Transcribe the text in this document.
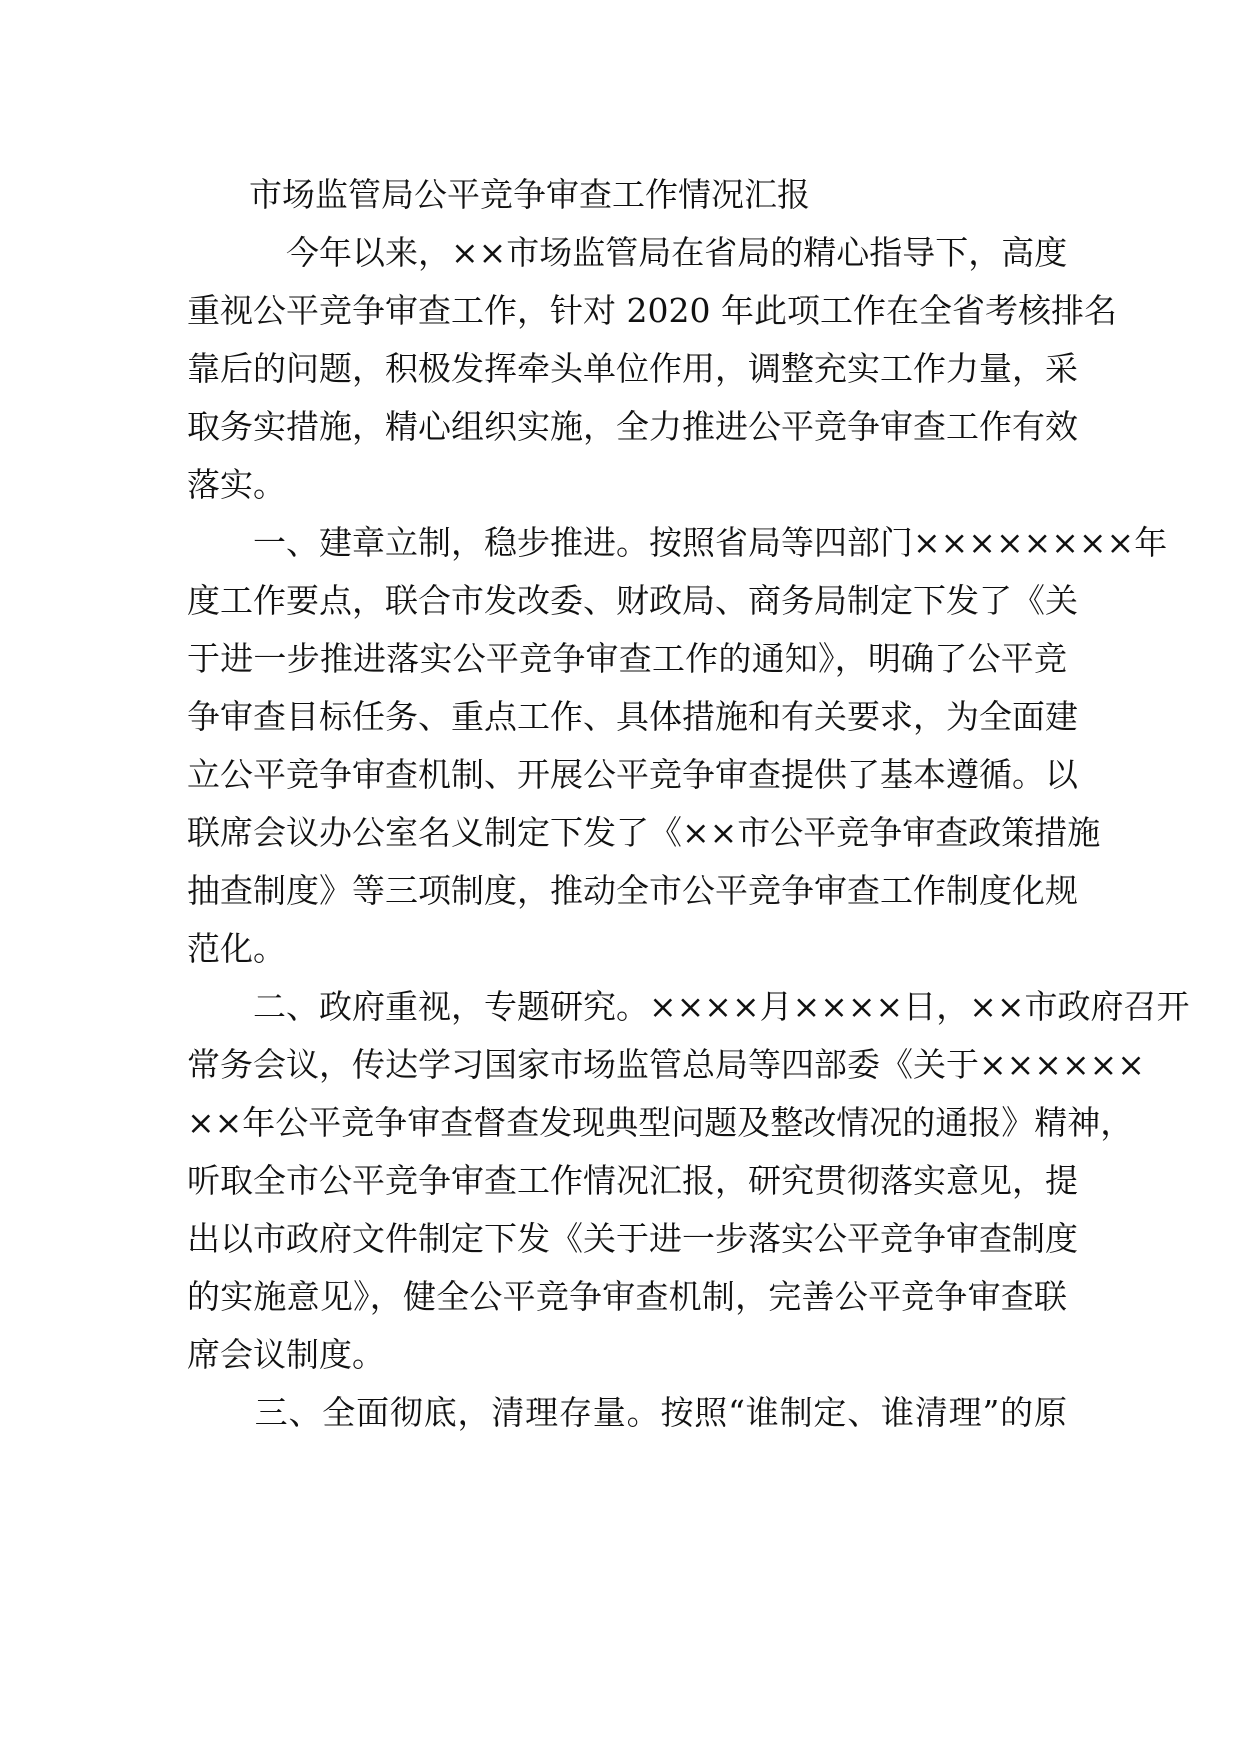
市场监管局公平竞争审查工作情况汇报
　　　今年以来，××市场监管局在省局的精心指导下，高度
重视公平竞争审查工作，针对 2020 年此项工作在全省考核排名
靠后的问题，积极发挥牵头单位作用，调整充实工作力量，采
取务实措施，精心组织实施，全力推进公平竞争审查工作有效
落实。
　　一、建章立制，稳步推进。按照省局等四部门××××××××年
度工作要点，联合市发改委、财政局、商务局制定下发了《关
于进一步推进落实公平竞争审查工作的通知》，明确了公平竞
争审查目标任务、重点工作、具体措施和有关要求，为全面建
立公平竞争审查机制、开展公平竞争审查提供了基本遵循。以
联席会议办公室名义制定下发了《××市公平竞争审查政策措施
抽查制度》等三项制度，推动全市公平竞争审查工作制度化规
范化。
　　二、政府重视，专题研究。××××月××××日，××市政府召开
常务会议，传达学习国家市场监管总局等四部委《关于××××××
××年公平竞争审查督查发现典型问题及整改情况的通报》精神，
听取全市公平竞争审查工作情况汇报，研究贯彻落实意见，提
出以市政府文件制定下发《关于进一步落实公平竞争审查制度
的实施意见》，健全公平竞争审查机制，完善公平竞争审查联
席会议制度。
　　三、全面彻底，清理存量。按照“谁制定、谁清理”的原
